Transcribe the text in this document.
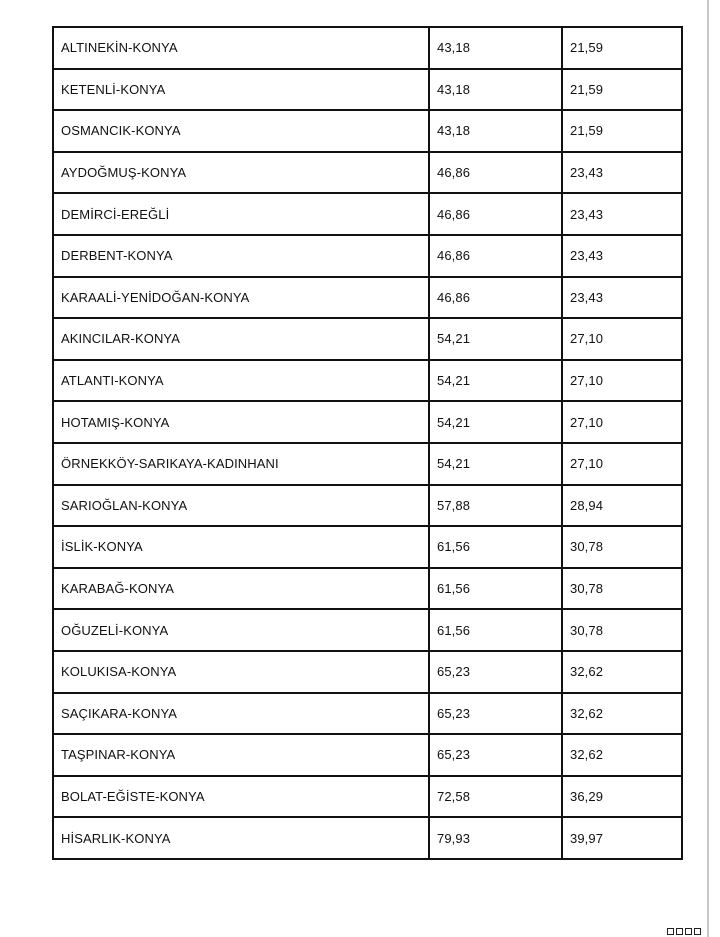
ALTINEKİN-KONYA	43,18	21,59
KETENLİ-KONYA	43,18	21,59
OSMANCIK-KONYA	43,18	21,59
AYDOĞMUŞ-KONYA	46,86	23,43
DEMİRCİ-EREĞLİ	46,86	23,43
DERBENT-KONYA	46,86	23,43
KARAALİ-YENİDOĞAN-KONYA	46,86	23,43
AKINCILAR-KONYA	54,21	27,10
ATLANTI-KONYA	54,21	27,10
HOTAMIŞ-KONYA	54,21	27,10
ÖRNEKKÖY-SARIKAYA-KADINHANI	54,21	27,10
SARIOĞLAN-KONYA	57,88	28,94
İSLİK-KONYA	61,56	30,78
KARABAĞ-KONYA	61,56	30,78
OĞUZELİ-KONYA	61,56	30,78
KOLUKISA-KONYA	65,23	32,62
SAÇIKARA-KONYA	65,23	32,62
TAŞPINAR-KONYA	65,23	32,62
BOLAT-EĞİSTE-KONYA	72,58	36,29
HİSARLIK-KONYA	79,93	39,97
